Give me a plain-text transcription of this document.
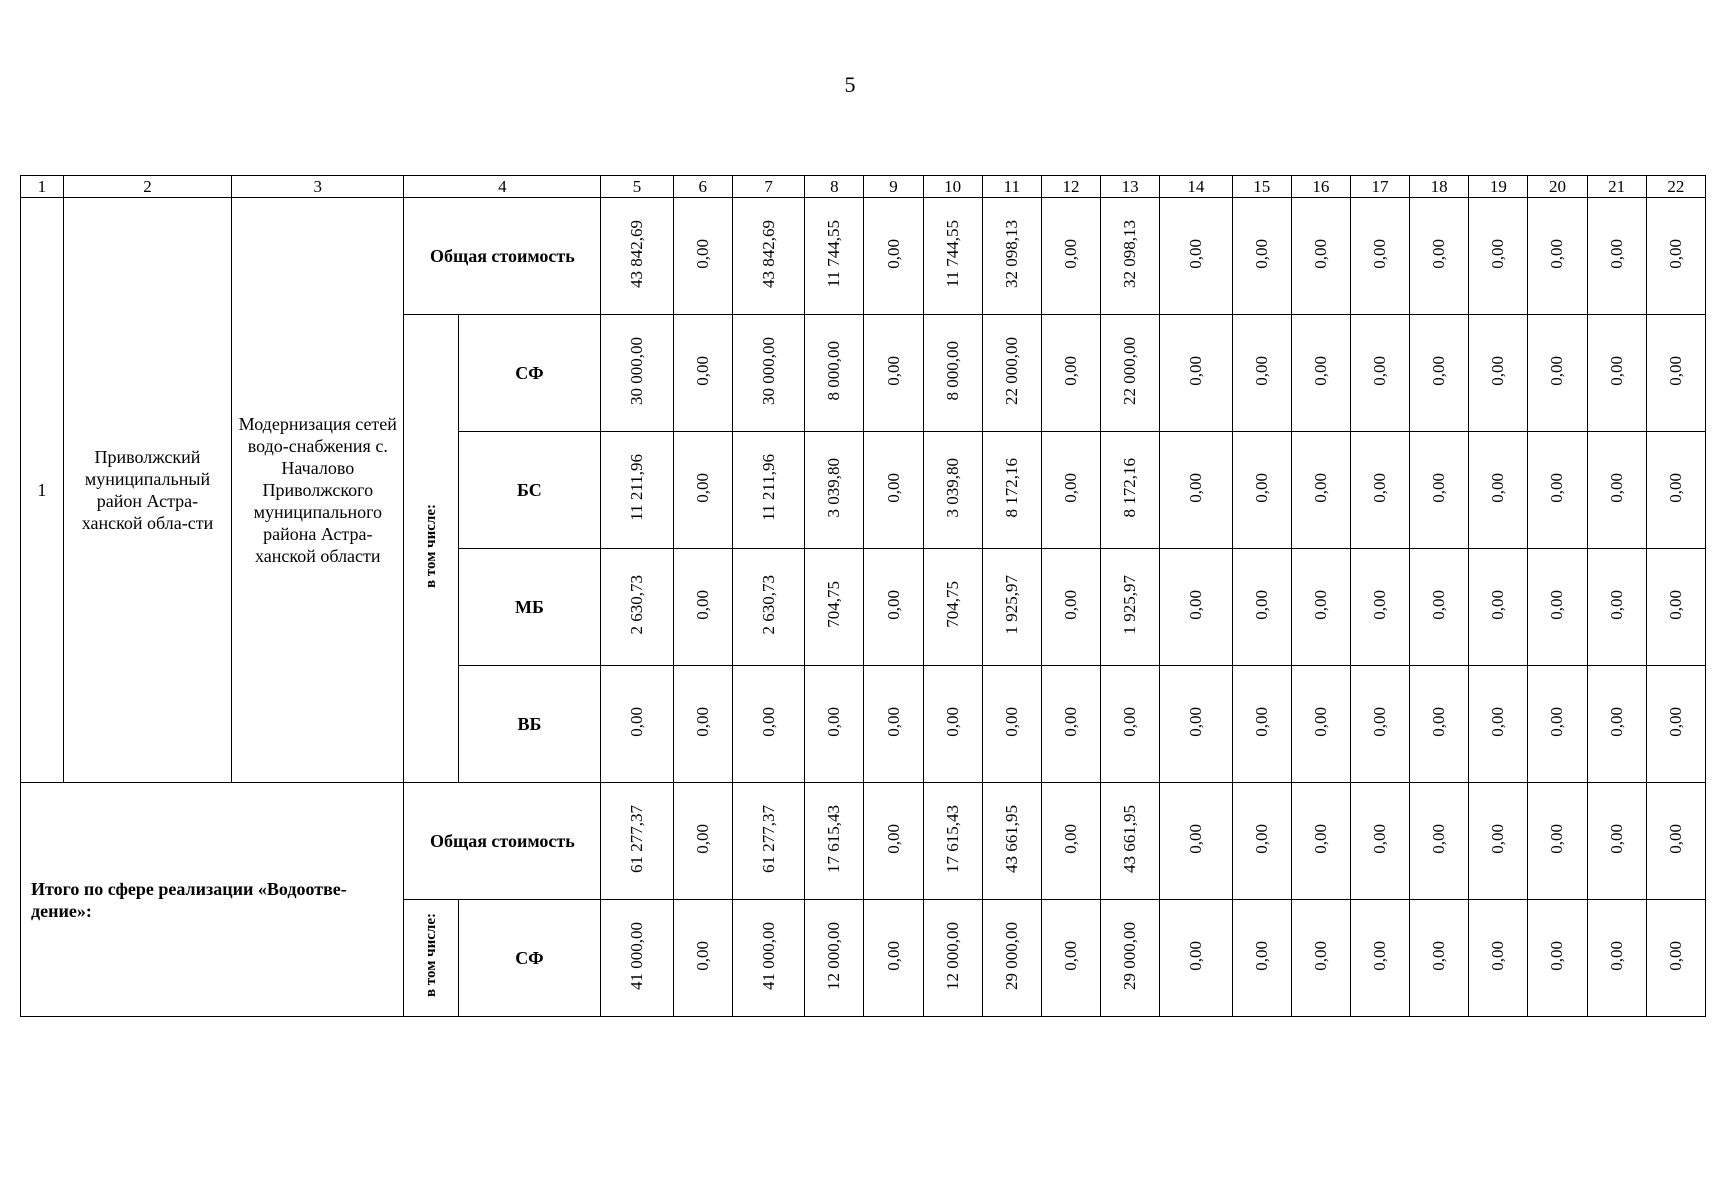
5
1	2	3	4		5	6	7	8	9	10	11	12	13	14	15	16	17	18	19	20	21	22
1	Приволжский муниципальный район Астра-ханской обла-сти	Модернизация сетей водо-снабжения с. Началово Приволжского муниципального района Астра-ханской области	Общая стоимость		43 842,69	0,00	43 842,69	11 744,55	0,00	11 744,55	32 098,13	0,00	32 098,13	0,00	0,00	0,00	0,00	0,00	0,00	0,00	0,00	0,00
			в том числе:	СФ	30 000,00	0,00	30 000,00	8 000,00	0,00	8 000,00	22 000,00	0,00	22 000,00	0,00	0,00	0,00	0,00	0,00	0,00	0,00	0,00	0,00
				БС	11 211,96	0,00	11 211,96	3 039,80	0,00	3 039,80	8 172,16	0,00	8 172,16	0,00	0,00	0,00	0,00	0,00	0,00	0,00	0,00	0,00
				МБ	2 630,73	0,00	2 630,73	704,75	0,00	704,75	1 925,97	0,00	1 925,97	0,00	0,00	0,00	0,00	0,00	0,00	0,00	0,00	0,00
				ВБ	0,00	0,00	0,00	0,00	0,00	0,00	0,00	0,00	0,00	0,00	0,00	0,00	0,00	0,00	0,00	0,00	0,00	0,00
Итого по сфере реализации «Водоотве-дение»:			Общая стоимость		61 277,37	0,00	61 277,37	17 615,43	0,00	17 615,43	43 661,95	0,00	43 661,95	0,00	0,00	0,00	0,00	0,00	0,00	0,00	0,00	0,00
			в том числе:	СФ	41 000,00	0,00	41 000,00	12 000,00	0,00	12 000,00	29 000,00	0,00	29 000,00	0,00	0,00	0,00	0,00	0,00	0,00	0,00	0,00	0,00
